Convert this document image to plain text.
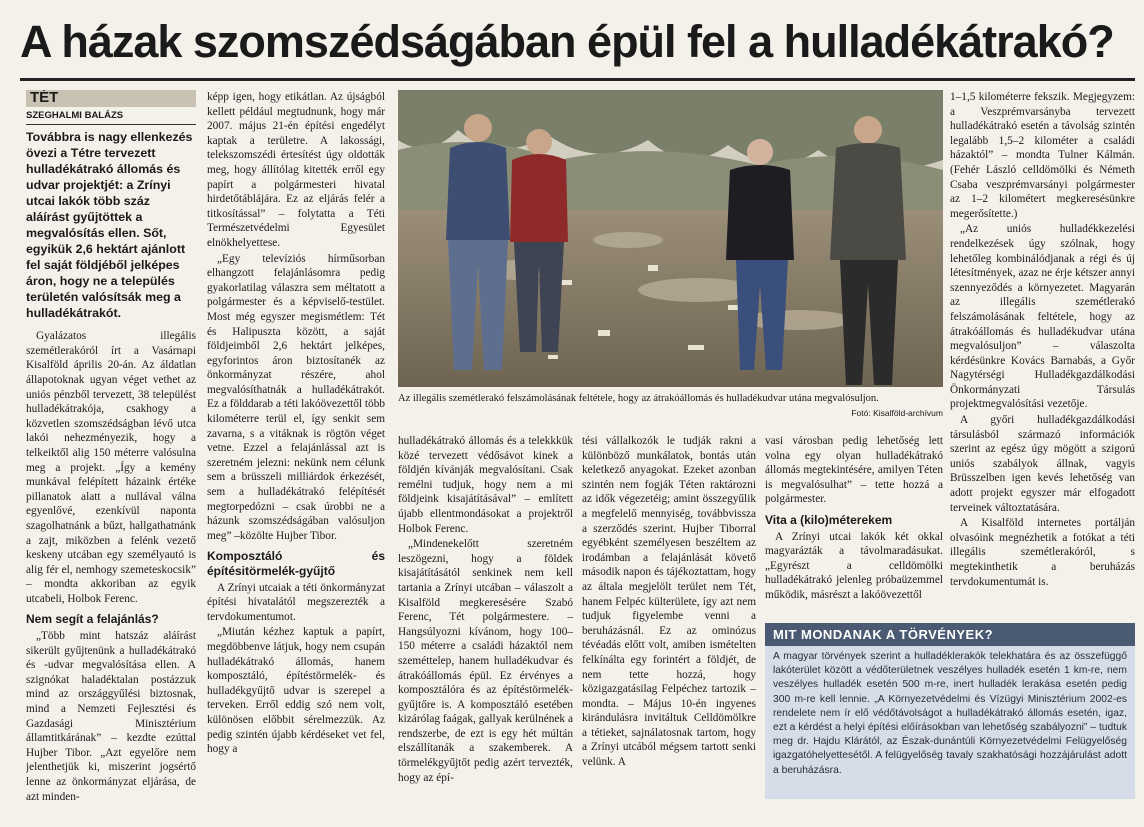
A házak szomszédságában épül fel a hulladékátrakó?
TÉT
SZEGHALMI BALÁZS
Továbbra is nagy ellenkezés övezi a Tétre tervezett hulladékátrakó állomás és udvar projektjét: a Zrínyi utcai lakók több száz aláírást gyűjtöttek a megvalósítás ellen. Sőt, egyikük 2,6 hektárt ajánlott fel saját földjéből jelképes áron, hogy ne a település területén valósítsák meg a hulladékátrakót.

Gyalázatos illegális szemétlerakóról írt a Vasárnapi Kisalföld április 20-án. Az áldatlan állapotoknak ugyan véget vethet az uniós pénzből tervezett, 38 települést hulladékátrakója, csakhogy a közvetlen szomszédságban lévő utca lakói nehezményezik, hogy a telkeiktől alig 150 méterre valósulna meg a projekt. „Így a kemény munkával felépített házaink értéke pillanatok alatt a nullával válna egyenlővé, ezenkívül naponta szagolhatnánk a bűzt, hallgathatnánk a zajt, miközben a felénk vezető keskeny utcában egy személyautó is alig fér el, nemhogy szemeteskocsik” – mondta akkoriban az egyik utcabeli, Holbok Ferenc.

Nem segít a felajánlás?

„Több mint hatszáz aláírást sikerült gyűjtenünk a hulladékátrakó és -udvar megvalósítása ellen. A szignókat haladéktalan postázzuk mind az országgyűlési biztosnak, mind a Nemzeti Fejlesztési és Gazdasági Minisztérium államtitkárának” – kezdte ezúttal Hujber Tibor. „Azt egyelőre nem jelenthetjük ki, miszerint jogsértő lenne az önkormányzat eljárása, de azt minden-

képp igen, hogy etikátlan. Az újságból kellett például megtudnunk, hogy már 2007. május 21-én építési engedélyt kaptak a területre. A lakossági, telekszomszédi értesítést úgy oldották meg, hogy állítólag kitették erről egy papírt a polgármesteri hivatal hirdetőtáblájára. Ez az eljárás felér a titkosítással” – folytatta a Téti Természetvédelmi Egyesület elnökhelyettese.

„Egy televíziós hírműsorban elhangzott felajánlásomra pedig gyakorlatilag válaszra sem méltatott a polgármester és a képviselő-testület. Most még egyszer megismétlem: Tét és Halipuszta között, a saját földjeimből 2,6 hektárt jelképes, egyforintos áron biztosítanék az önkormányzat részére, ahol megvalósíthatnák a hulladékátrakót. Ez a földdarab a téti lakóövezettől több kilométerre terül el, így senkit sem zavarna, s a vitáknak is rögtön véget vetne. Ezzel a felajánlással azt is szeretném jelezni: nekünk nem célunk sem a brüsszeli milliárdok érkezését, sem a hulladékátrakó felépítését megtorpedózni – csak úrobbi ne a házunk szomszédságában valósuljon meg” –közölte Hujber Tibor.

Komposztáló és építésitörmelék-gyűjtő

A Zrínyi utcaiak a téti önkormányzat építési hivatalától megszerezték a tervdokumentumot.

„Miután kézhez kaptuk a papírt, megdöbbenve látjuk, hogy nem csupán hulladékátrakó állomás, hanem komposztáló, építéstörmelék- és hulladékgyűjtő udvar is szerepel a terveken. Erről eddig szó nem volt, különösen előbbit sérelmezzük. Az pedig szintén újabb kérdéseket vet fel, hogy a

Az illegális szemétlerakó felszámolásának feltétele, hogy az átrakóállomás és hulladékudvar utána megvalósuljon.
Fotó: Kisalföld-archívum

hulladékátrakó állomás és a telekkkük közé tervezett védősávot kinek a földjén kívánják megvalósítani. Csak remélni tudjuk, hogy nem a mi földjeink kisajátításával” – említett újabb ellentmondásokat a projektről Holbok Ferenc.

„Mindenekelőtt szeretném leszögezni, hogy a földek kisajátításától senkinek nem kell tartania a Zrínyi utcában – válaszolt a Kisalföld megkeresésére Szabó Ferenc, Tét polgármestere. – Hangsúlyozni kívánom, hogy 100–150 méterre a családi házaktól nem szeméttelep, hanem hulladékudvar és átrakóállomás épül. Ez érvényes a komposztálóra és az építéstörmelék-gyűjtőre is. A komposztáló esetében kizárólag faágak, gallyak kerülnének a rendszerbe, de ezt is egy hét múltán elszállítanák a szakemberek. A törmelékgyűjtőt pedig azért tervezték, hogy az épí-

tési vállalkozók le tudják rakni a különböző munkálatok, bontás után keletkező anyagokat. Ezeket azonban szintén nem fogják Téten raktározni az idők végezetéig; amint összegyűlik a megfelelő mennyiség, továbbvissza a szerződés szerint. Hujber Tiborral egyébként személyesen beszéltem az irodámban a felajánlását követő második napon és tájékoztattam, hogy az általa megjelölt terület nem Tét, hanem Felpéc külterülete, így azt nem tudjuk figyelembe venni a beruházásnál. Ez az ominózus tévéadás előtt volt, amiben ismételten felkínálta egy forintért a földjét, de nem tette hozzá, hogy közigazgatásilag Felpéchez tartozik – mondta. – Május 10-én ingyenes kirándulásra invitáltuk Celldömölkre a tétieket, sajnálatosnak tartom, hogy a Zrínyi utcából mégsem tartott senki velünk. A

vasi városban pedig lehetőség lett volna egy olyan hulladékátrakó állomás megtekintésére, amilyen Téten is megvalósulhat” – tette hozzá a polgármester.

Vita a (kilo)méterekem

A Zrínyi utcai lakók két okkal magyarázták a távolmaradásukat. „Egyrészt a celldömölki hulladékátrakó jelenleg próbaüzemmel működik, másrészt a lakóövezettől

1–1,5 kilométerre fekszik. Megjegyzem: a Veszprémvarsányba tervezett hulladékátrakó esetén a távolság szintén legalább 1,5–2 kilométer a családi házaktól” – mondta Tulner Kálmán. (Fehér László celldömölki és Németh Csaba veszprémvarsányi polgármester az 1–2 kilométert megkeresésünkre megerősítette.)

„Az uniós hulladékkezelési rendelkezések úgy szólnak, hogy lehetőleg kombinálódjanak a régi és új létesítmények, azaz ne érje kétszer annyi szennyeződés a környezetet. Magyarán az illegális szemétlerakó felszámolásának feltétele, hogy az átrakóállomás és hulladékudvar utána megvalósuljon” – válaszolta kérdésünkre Kovács Barnabás, a Győr Nagytérségi Hulladékgazdálkodási Önkormányzati Társulás projektmegvalósítási vezetője.

A győri hulladékgazdálkodási társulásból származó információk szerint az egész úgy mögött a szigorú uniós szabályok állnak, vagyis Brüsszelben igen kevés lehetőség van adott projekt egyszer már elfogadott terveinek változtatására.

A Kisalföld internetes portálján olvasóink megnézhetik a fotókat a téti illegális szemétlerakóról, s megtekinthetik a beruházás tervdokumentumát is.

MIT MONDANAK A TÖRVÉNYEK?
A magyar törvények szerint a hulladéklerakók telekhatára és az összefüggő lakóterület között a védőterületnek veszélyes hulladék esetén 1 km-re, nem veszélyes hulladék esetén 500 m-re, inert hulladék lerakása esetén pedig 300 m-re kell lennie. „A Környezetvédelmi és Vízügyi Minisztérium 2002-es rendelete nem ír elő védőtávolságot a hulladékátrakó állomás esetén, igaz, ezt a kérdést a helyi építési előírásokban van lehetőség szabályozni” – tudtuk meg dr. Hajdu Klárától, az Észak-dunántúli Környezetvédelmi Felügyelőség igazgatóhelyettesétől. A felügyelőség tavaly szakhatósági hozzájárulást adott a beruházásra.
